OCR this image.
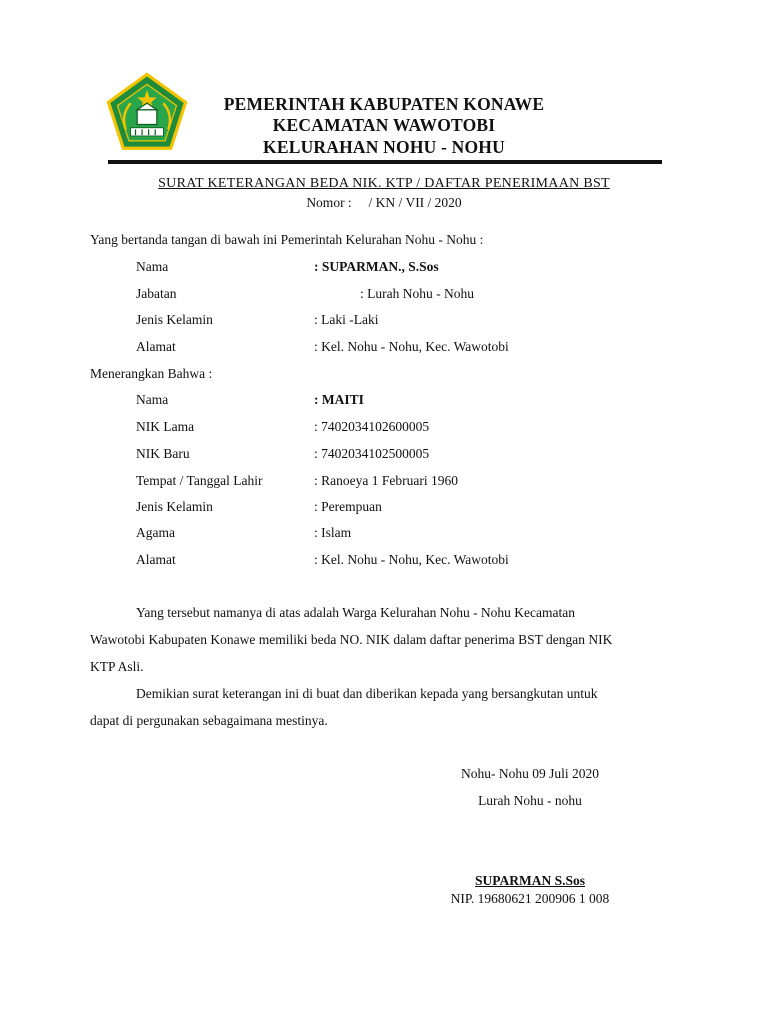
PEMERINTAH KABUPATEN KONAWE
KECAMATAN WAWOTOBI
KELURAHAN NOHU - NOHU
SURAT KETERANGAN BEDA NIK. KTP / DAFTAR PENERIMAAN BST
Nomor :     / KN / VII / 2020
Yang bertanda tangan di bawah ini Pemerintah Kelurahan Nohu - Nohu :
Nama	: SUPARMAN., S.Sos
Jabatan	: Lurah Nohu - Nohu
Jenis Kelamin	: Laki -Laki
Alamat	: Kel. Nohu - Nohu, Kec. Wawotobi
Menerangkan Bahwa :
Nama	: MAITI
NIK Lama	: 7402034102600005
NIK Baru	: 7402034102500005
Tempat / Tanggal Lahir	: Ranoeya 1 Februari 1960
Jenis Kelamin	: Perempuan
Agama	: Islam
Alamat	: Kel. Nohu - Nohu, Kec. Wawotobi
Yang tersebut namanya di atas adalah Warga Kelurahan Nohu - Nohu Kecamatan
Wawotobi Kabupaten Konawe memiliki beda NO. NIK dalam daftar penerima BST dengan NIK
KTP Asli.
Demikian surat keterangan ini di buat dan diberikan kepada yang bersangkutan untuk
dapat di pergunakan sebagaimana mestinya.
Nohu- Nohu 09 Juli 2020
Lurah Nohu - nohu
SUPARMAN S.Sos
NIP. 19680621 200906 1 008
